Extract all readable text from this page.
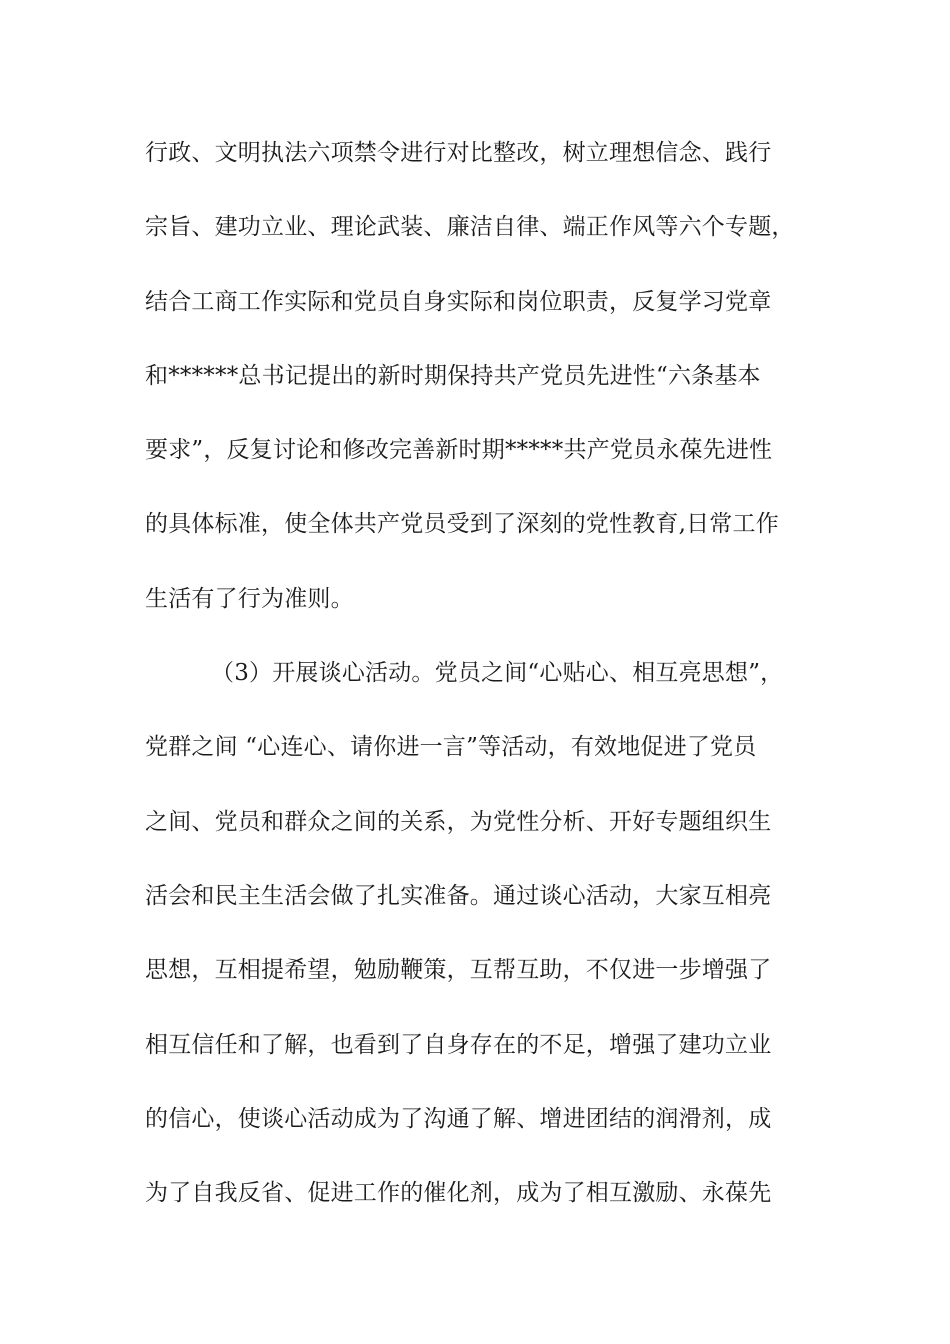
行政、文明执法六项禁令进行对比整改，树立理想信念、践行
宗旨、建功立业、理论武装、廉洁自律、端正作风等六个专题，
结合工商工作实际和党员自身实际和岗位职责，反复学习党章
和******总书记提出的新时期保持共产党员先进性“六条基本
要求”，反复讨论和修改完善新时期*****共产党员永葆先进性
的具体标准，使全体共产党员受到了深刻的党性教育,日常工作
生活有了行为准则。
（3）开展谈心活动。党员之间“心贴心、相互亮思想”，
党群之间 “心连心、请你进一言”等活动，有效地促进了党员
之间、党员和群众之间的关系，为党性分析、开好专题组织生
活会和民主生活会做了扎实准备。通过谈心活动，大家互相亮
思想，互相提希望，勉励鞭策，互帮互助，不仅进一步增强了
相互信任和了解，也看到了自身存在的不足，增强了建功立业
的信心，使谈心活动成为了沟通了解、增进团结的润滑剂，成
为了自我反省、促进工作的催化剂，成为了相互激励、永葆先
